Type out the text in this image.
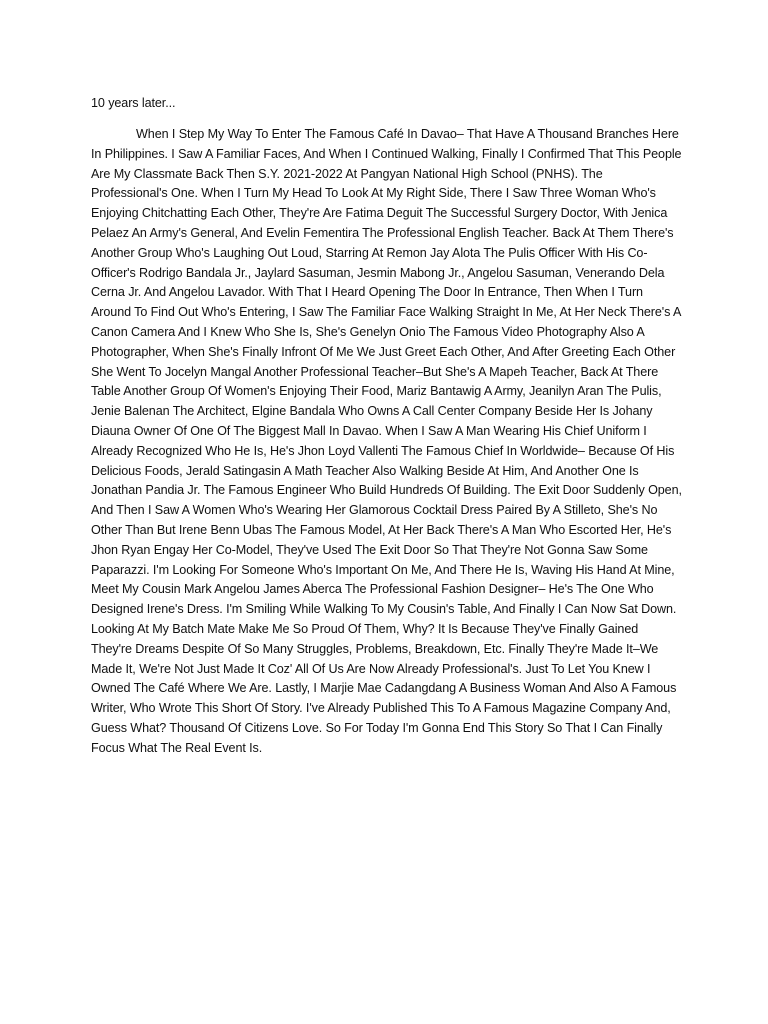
10 years later...

When I Step My Way To Enter The Famous Café In Davao– That Have A Thousand Branches Here In Philippines. I Saw A Familiar Faces, And When I Continued Walking, Finally I Confirmed That This People Are My Classmate Back Then S.Y. 2021-2022 At Pangyan National High School (PNHS). The Professional's One. When I Turn My Head To Look At My Right Side, There I Saw Three Woman Who's Enjoying Chitchatting Each Other, They're Are Fatima Deguit The Successful Surgery Doctor, With Jenica Pelaez An Army's General, And Evelin Fementira The Professional English Teacher. Back At Them There's Another Group Who's Laughing Out Loud, Starring At Remon Jay Alota The Pulis Officer With His Co-Officer's Rodrigo Bandala Jr., Jaylard Sasuman, Jesmin Mabong Jr., Angelou Sasuman, Venerando Dela Cerna Jr. And Angelou Lavador. With That I Heard Opening The Door In Entrance, Then When I Turn Around To Find Out Who's Entering, I Saw The Familiar Face Walking Straight In Me, At Her Neck There's A Canon Camera And I Knew Who She Is, She's Genelyn Onio The Famous Video Photography Also A Photographer, When She's Finally Infront Of Me We Just Greet Each Other, And After Greeting Each Other She Went To Jocelyn Mangal Another Professional Teacher–But She's A Mapeh Teacher, Back At There Table Another Group Of Women's Enjoying Their Food, Mariz Bantawig A Army, Jeanilyn Aran The Pulis, Jenie Balenan The Architect, Elgine Bandala Who Owns A Call Center Company Beside Her Is Johany Diauna Owner Of One Of The Biggest Mall In Davao. When I Saw A Man Wearing His Chief Uniform I Already Recognized Who He Is, He's Jhon Loyd Vallenti The Famous Chief In Worldwide– Because Of His Delicious Foods, Jerald Satingasin A Math Teacher Also Walking Beside At Him, And Another One Is Jonathan Pandia Jr. The Famous Engineer Who Build Hundreds Of Building. The Exit Door Suddenly Open, And Then I Saw A Women Who's Wearing Her Glamorous Cocktail Dress Paired By A Stilleto, She's No Other Than But Irene Benn Ubas The Famous Model, At Her Back There's A Man Who Escorted Her, He's Jhon Ryan Engay Her Co-Model, They've Used The Exit Door So That They're Not Gonna Saw Some Paparazzi. I'm Looking For Someone Who's Important On Me, And There He Is, Waving His Hand At Mine, Meet My Cousin Mark Angelou James Aberca The Professional Fashion Designer– He's The One Who Designed Irene's Dress. I'm Smiling While Walking To My Cousin's Table, And Finally I Can Now Sat Down. Looking At My Batch Mate Make Me So Proud Of Them, Why? It Is Because They've Finally Gained They're Dreams Despite Of So Many Struggles, Problems, Breakdown, Etc. Finally They're Made It–We Made It, We're Not Just Made It Coz' All Of Us Are Now Already Professional's. Just To Let You Knew I Owned The Café Where We Are. Lastly, I Marjie Mae Cadangdang A Business Woman And Also A Famous Writer, Who Wrote This Short Of Story. I've Already Published This To A Famous Magazine Company And, Guess What? Thousand Of Citizens Love. So For Today I'm Gonna End This Story So That I Can Finally Focus What The Real Event Is.
